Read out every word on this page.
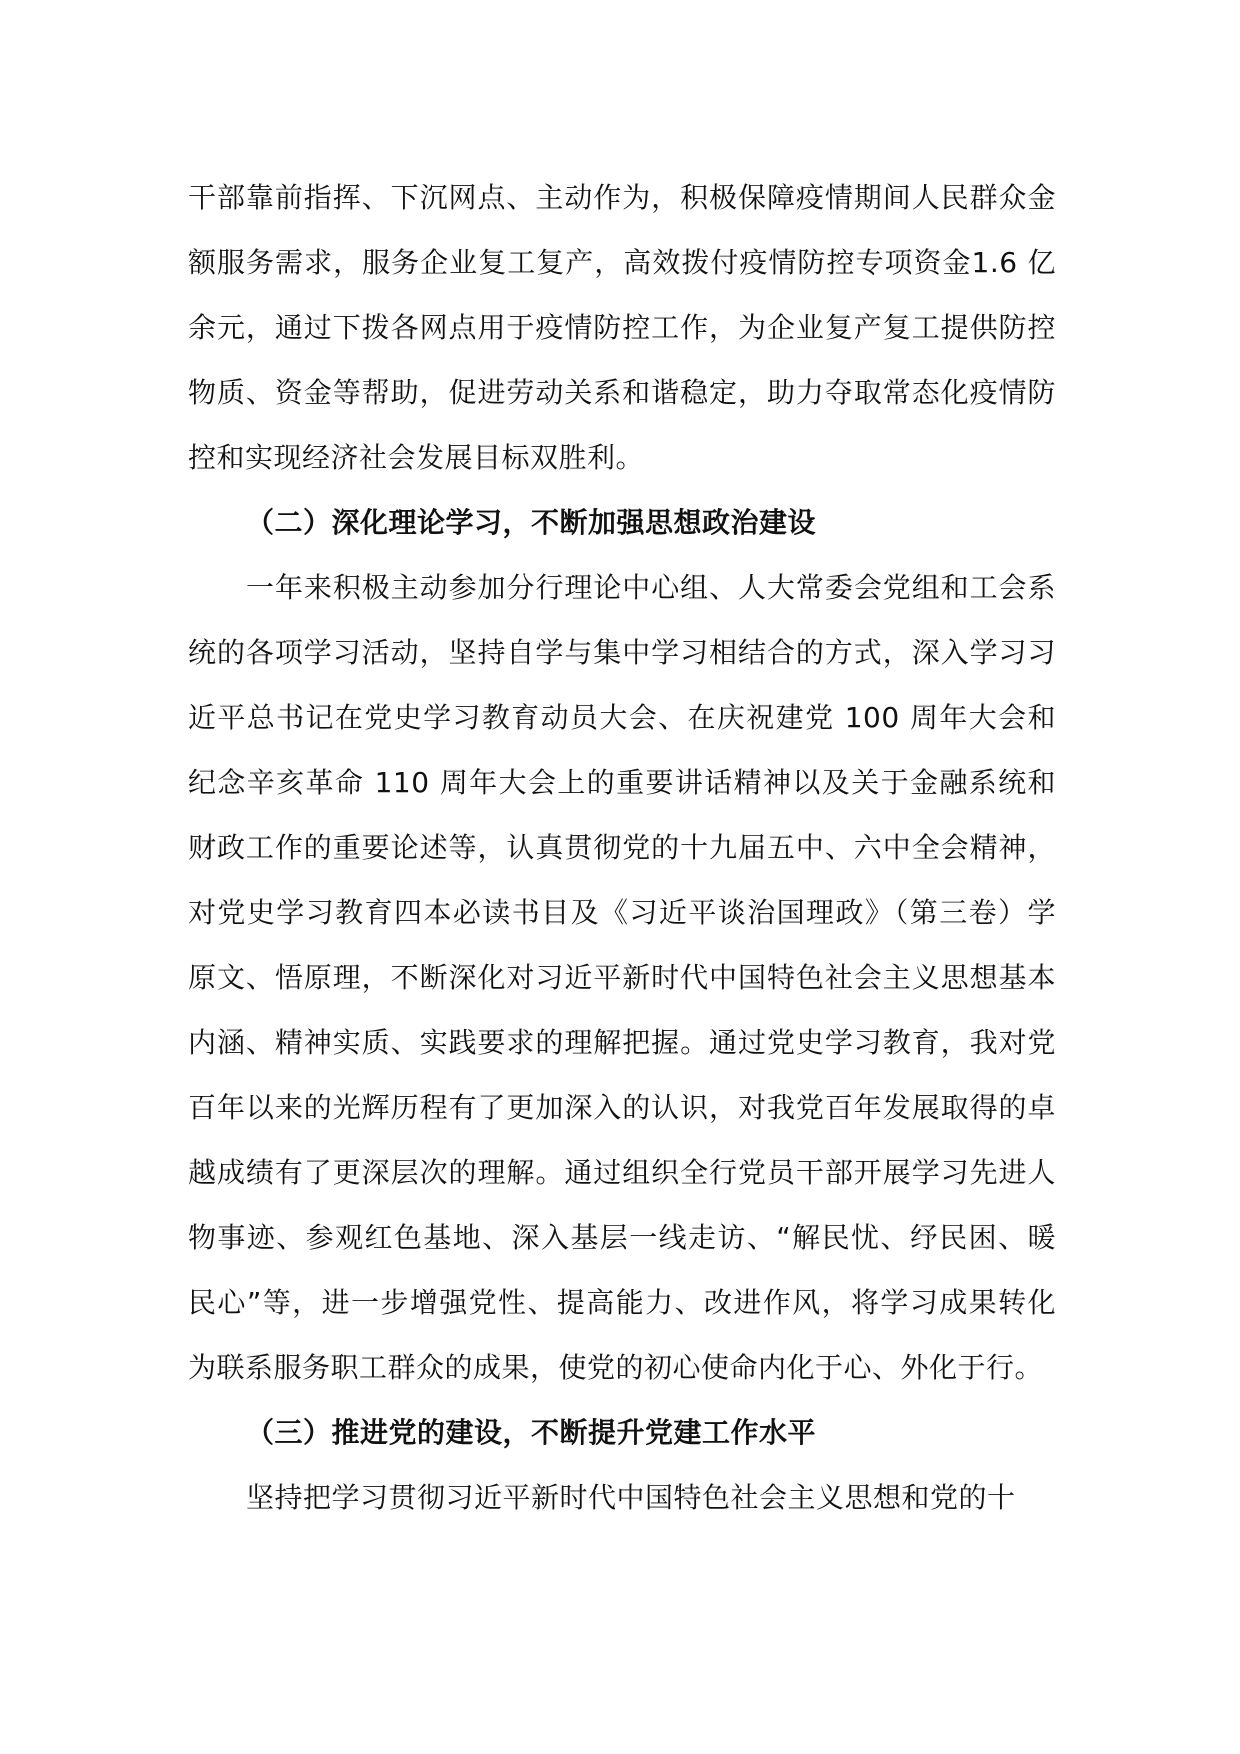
干部靠前指挥、下沉网点、主动作为，积极保障疫情期间人民群众金额服务需求，服务企业复工复产，高效拨付疫情防控专项资金1.6 亿余元，通过下拨各网点用于疫情防控工作，为企业复产复工提供防控物质、资金等帮助，促进劳动关系和谐稳定，助力夺取常态化疫情防控和实现经济社会发展目标双胜利。

（二）深化理论学习，不断加强思想政治建设

一年来积极主动参加分行理论中心组、人大常委会党组和工会系统的各项学习活动，坚持自学与集中学习相结合的方式，深入学习习近平总书记在党史学习教育动员大会、在庆祝建党 100 周年大会和纪念辛亥革命 110 周年大会上的重要讲话精神以及关于金融系统和财政工作的重要论述等，认真贯彻党的十九届五中、六中全会精神，对党史学习教育四本必读书目及《习近平谈治国理政》（第三卷）学原文、悟原理，不断深化对习近平新时代中国特色社会主义思想基本内涵、精神实质、实践要求的理解把握。通过党史学习教育，我对党百年以来的光辉历程有了更加深入的认识，对我党百年发展取得的卓越成绩有了更深层次的理解。通过组织全行党员干部开展学习先进人物事迹、参观红色基地、深入基层一线走访、“解民忧、纾民困、暖民心”等，进一步增强党性、提高能力、改进作风，将学习成果转化为联系服务职工群众的成果，使党的初心使命内化于心、外化于行。

（三）推进党的建设，不断提升党建工作水平

坚持把学习贯彻习近平新时代中国特色社会主义思想和党的十
